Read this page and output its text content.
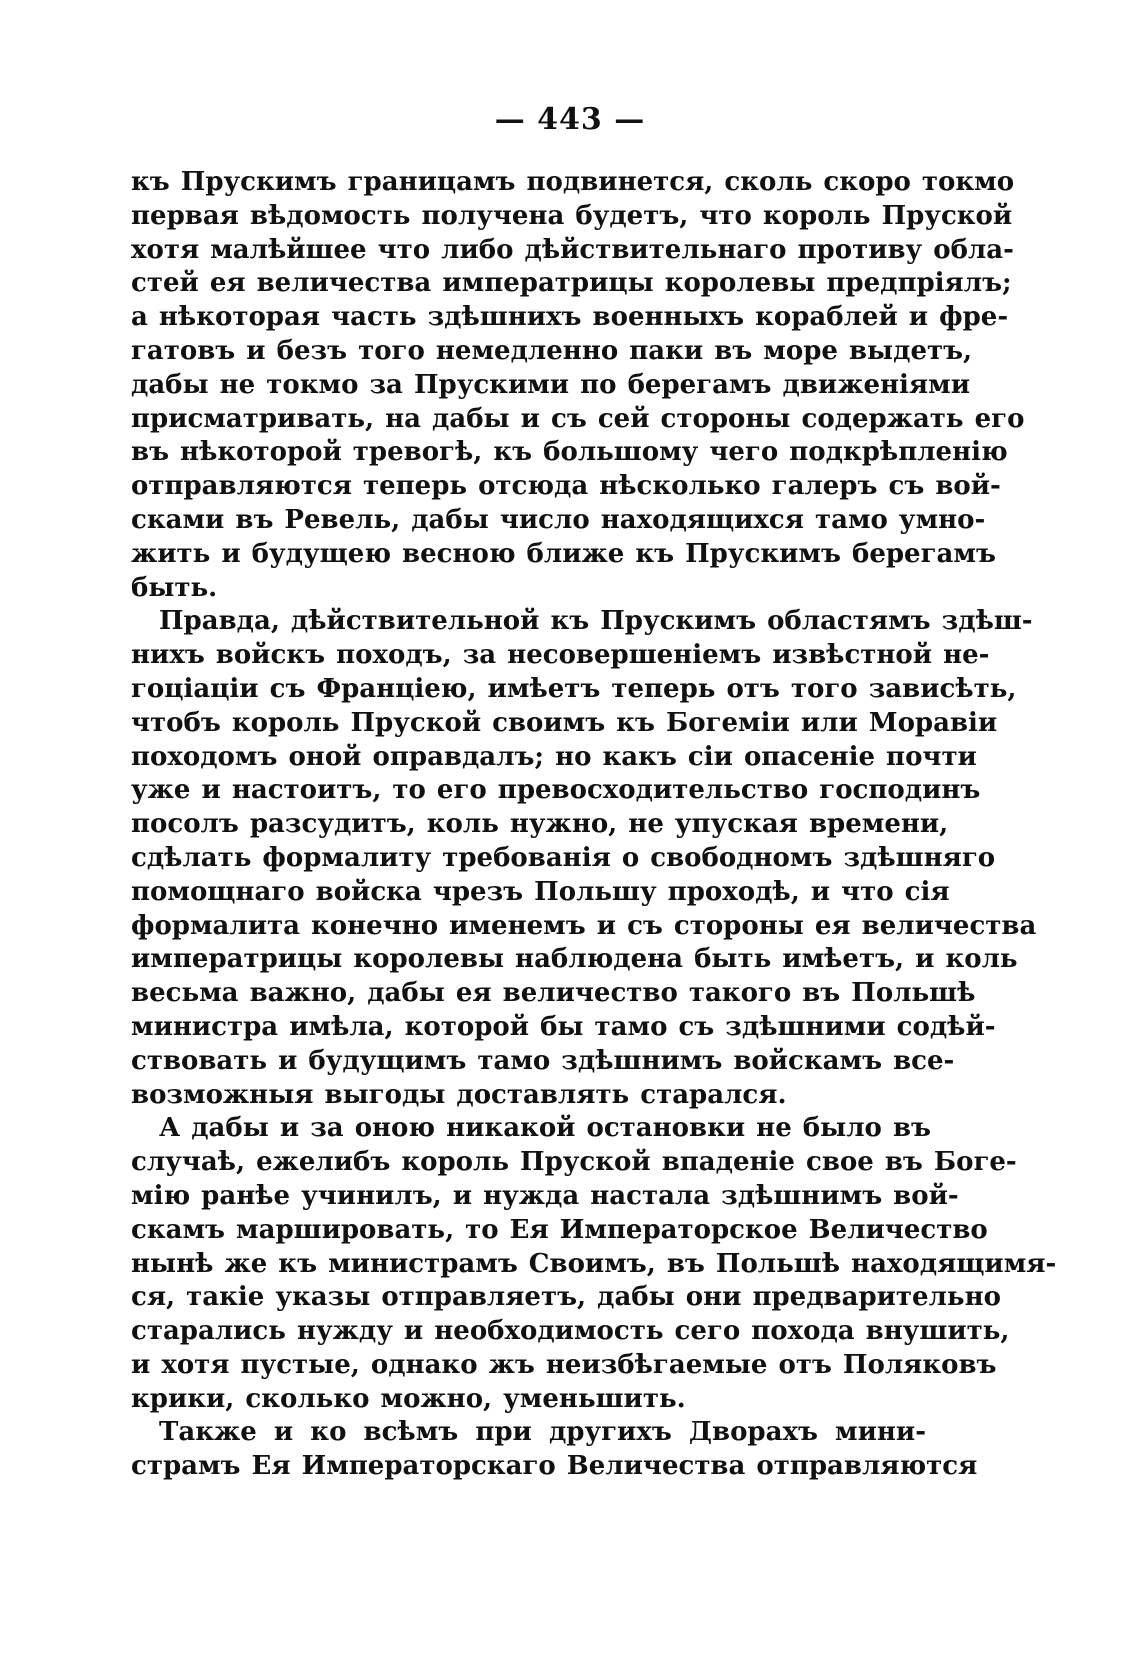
— 443 —
къ Прускимъ границамъ подвинется, сколь скоро токмо
первая вѣдомость получена будетъ, что король Пруской
хотя малѣйшее что либо дѣйствительнаго противу обла-
стей ея величества императрицы королевы предпріялъ;
а нѣкоторая часть здѣшнихъ военныхъ кораблей и фре-
гатовъ и безъ того немедленно паки въ море выдетъ,
дабы не токмо за Прускими по берегамъ движеніями
присматривать, на дабы и съ сей стороны содержать его
въ нѣкоторой тревогѣ, къ большому чего подкрѣпленію
отправляются теперь отсюда нѣсколько галеръ съ вой-
сками въ Ревель, дабы число находящихся тамо умно-
жить и будущею весною ближе къ Прускимъ берегамъ
быть.
Правда, дѣйствительной къ Прускимъ областямъ здѣш-
нихъ войскъ походъ, за несовершеніемъ извѣстной не-
гоціаціи съ Франціею, имѣетъ теперь отъ того зависѣть,
чтобъ король Пруской своимъ къ Богеміи или Моравіи
походомъ оной оправдалъ; но какъ сіи опасеніе почти
уже и настоитъ, то его превосходительство господинъ
посолъ разсудитъ, коль нужно, не упуская времени,
сдѣлать формалиту требованія о свободномъ здѣшняго
помощнаго войска чрезъ Польшу проходѣ, и что сія
формалита конечно именемъ и съ стороны ея величества
императрицы королевы наблюдена быть имѣетъ, и коль
весьма важно, дабы ея величество такого въ Польшѣ
министра имѣла, которой бы тамо съ здѣшними содѣй-
ствовать и будущимъ тамо здѣшнимъ войскамъ все-
возможныя выгоды доставлять старался.
А дабы и за оною никакой остановки не было въ
случаѣ, ежелибъ король Пруской впаденіе свое въ Боге-
мію ранѣе учинилъ, и нужда настала здѣшнимъ вой-
скамъ маршировать, то Ея Императорское Величество
нынѣ же къ министрамъ Своимъ, въ Польшѣ находящимя-
ся, такіе указы отправляетъ, дабы они предварительно
старались нужду и необходимость сего похода внушить,
и хотя пустые, однако жъ неизбѣгаемые отъ Поляковъ
крики, сколько можно, уменьшить.
Также и ко всѣмъ при другихъ Дворахъ мини-
страмъ Ея Императорскаго Величества отправляются
